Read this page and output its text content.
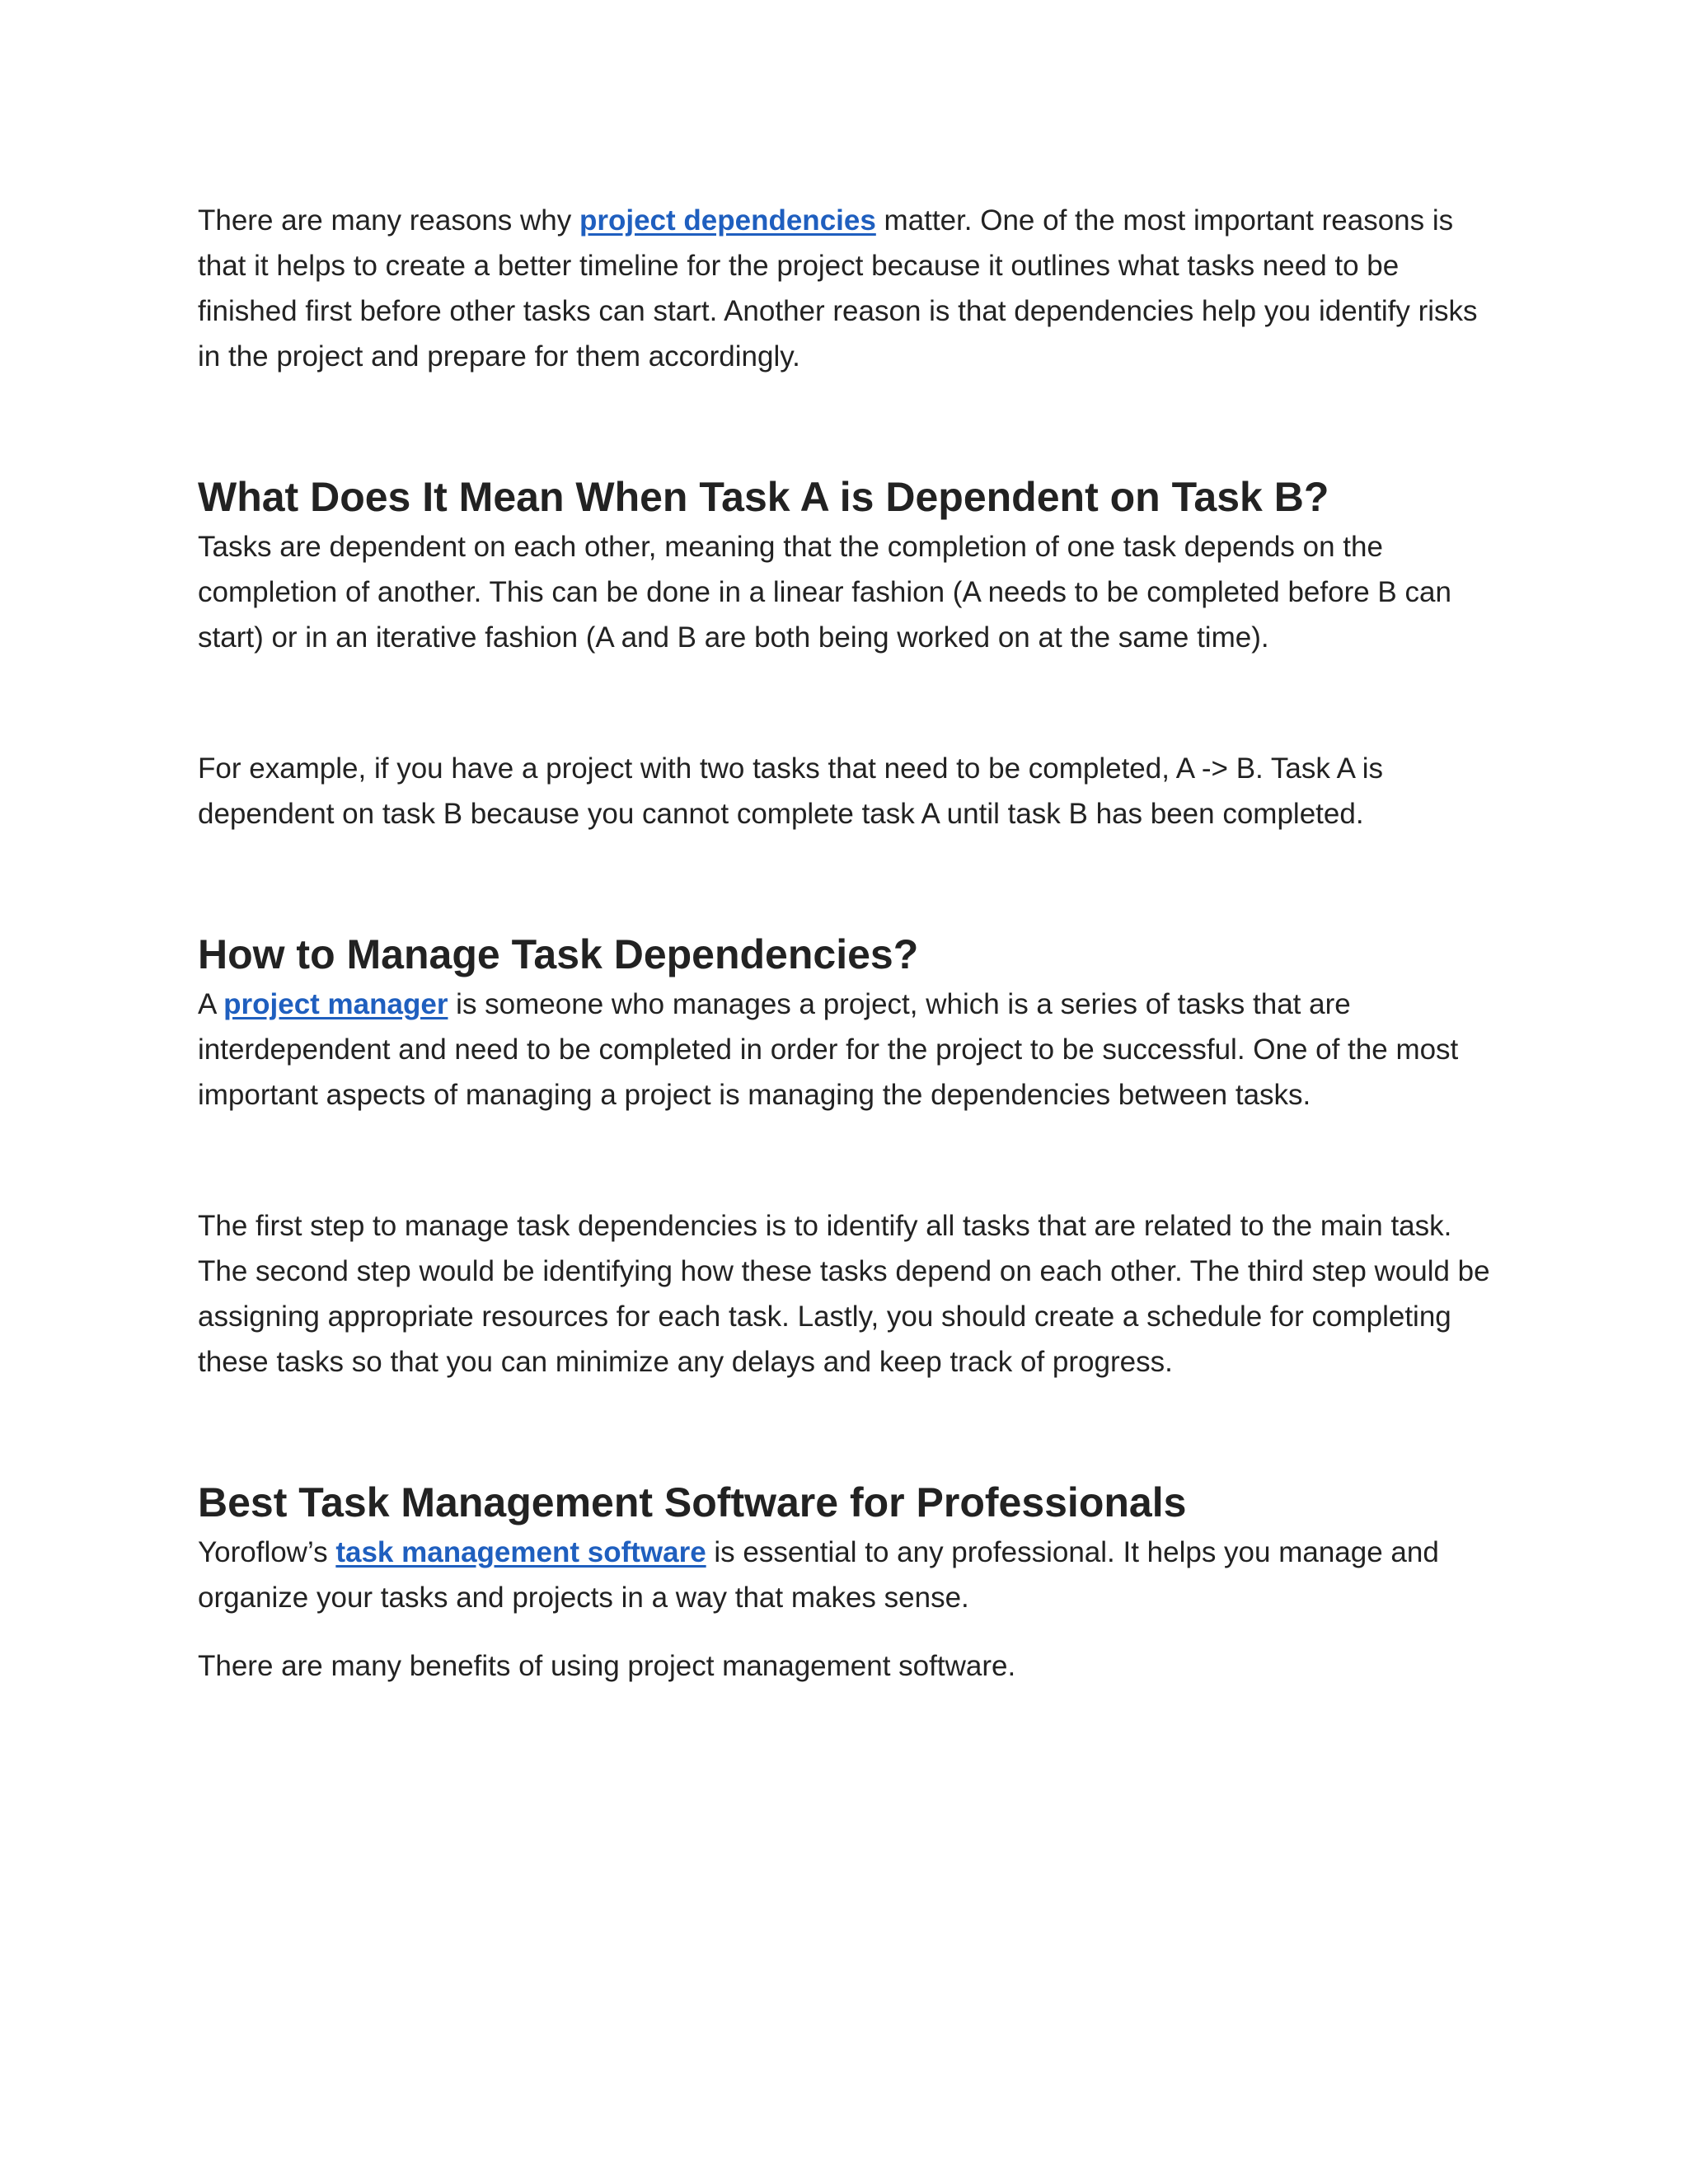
There are many reasons why project dependencies matter. One of the most important reasons is that it helps to create a better timeline for the project because it outlines what tasks need to be finished first before other tasks can start. Another reason is that dependencies help you identify risks in the project and prepare for them accordingly.

What Does It Mean When Task A is Dependent on Task B?

Tasks are dependent on each other, meaning that the completion of one task depends on the completion of another. This can be done in a linear fashion (A needs to be completed before B can start) or in an iterative fashion (A and B are both being worked on at the same time).

For example, if you have a project with two tasks that need to be completed, A -> B. Task A is dependent on task B because you cannot complete task A until task B has been completed.

How to Manage Task Dependencies?

A project manager is someone who manages a project, which is a series of tasks that are interdependent and need to be completed in order for the project to be successful. One of the most important aspects of managing a project is managing the dependencies between tasks.

The first step to manage task dependencies is to identify all tasks that are related to the main task. The second step would be identifying how these tasks depend on each other. The third step would be assigning appropriate resources for each task. Lastly, you should create a schedule for completing these tasks so that you can minimize any delays and keep track of progress.

Best Task Management Software for Professionals

Yoroflow’s task management software is essential to any professional. It helps you manage and organize your tasks and projects in a way that makes sense.

There are many benefits of using project management software.
